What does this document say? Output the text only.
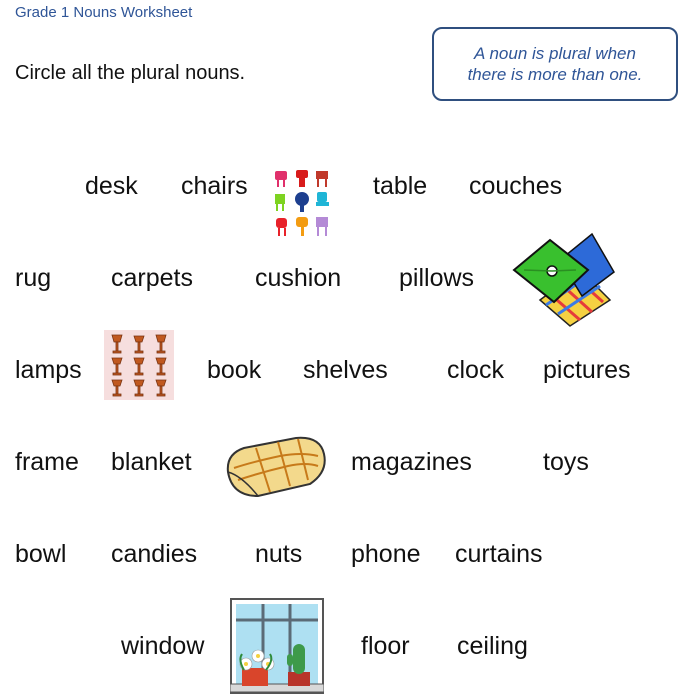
Grade 1 Nouns Worksheet
Circle all the plural nouns.
A noun is plural when
there is more than one.
desk chairs	table couches
rug carpets cushion pillows
lamps	book shelves clock pictures
frame blanket	magazines	toys
bowl candies nuts phone curtains
window	floor ceiling
